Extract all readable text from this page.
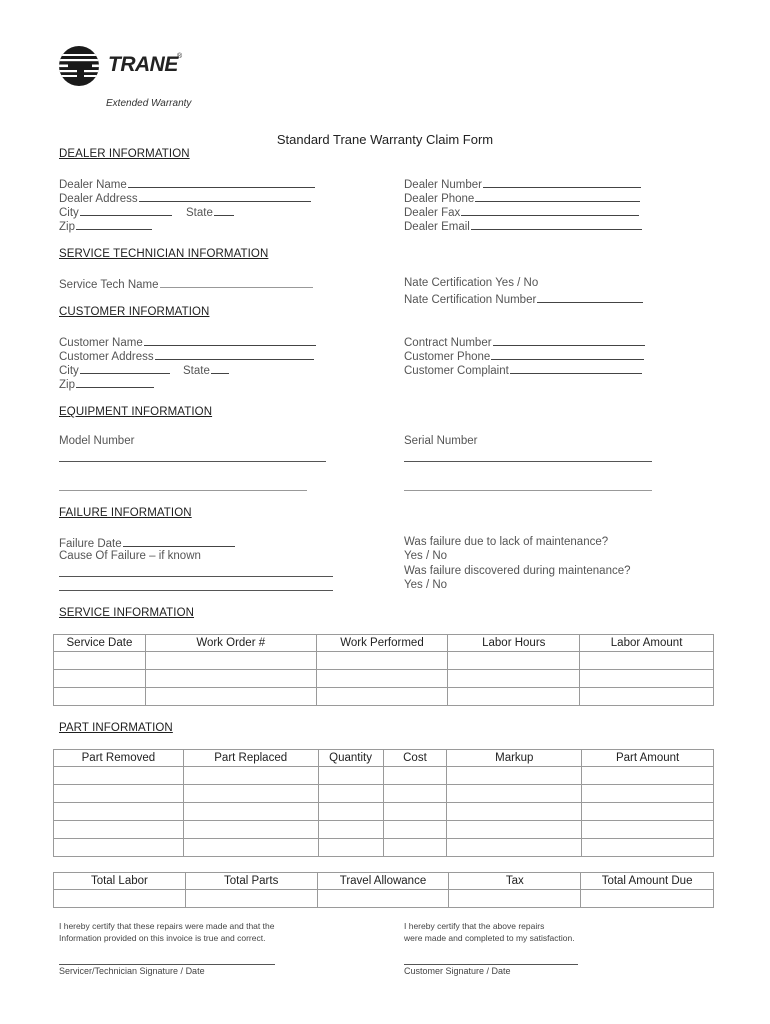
TRANE ®
Extended Warranty
Standard Trane Warranty Claim Form
DEALER INFORMATION
Dealer Name
Dealer Address
City	State
Zip
Dealer Number
Dealer Phone
Dealer Fax
Dealer Email
SERVICE TECHNICIAN INFORMATION
Service Tech Name	Nate Certification Yes / No
Nate Certification Number
CUSTOMER INFORMATION
Customer Name
Customer Address
City	State
Zip
Contract Number
Customer Phone
Customer Complaint
EQUIPMENT INFORMATION
Model Number	Serial Number
FAILURE INFORMATION
Failure Date
Cause Of Failure – if known
Was failure due to lack of maintenance?
Yes / No
Was failure discovered during maintenance?
Yes / No
SERVICE INFORMATION
Service Date	Work Order #	Work Performed	Labor Hours	Labor Amount

PART INFORMATION
Part Removed	Part Replaced	Quantity	Cost	Markup	Part Amount

Total Labor	Total Parts	Travel Allowance	Tax	Total Amount Due

I hereby certify that these repairs were made and that the
Information provided on this invoice is true and correct.
I hereby certify that the above repairs
were made and completed to my satisfaction.
Servicer/Technician Signature / Date	Customer Signature / Date
